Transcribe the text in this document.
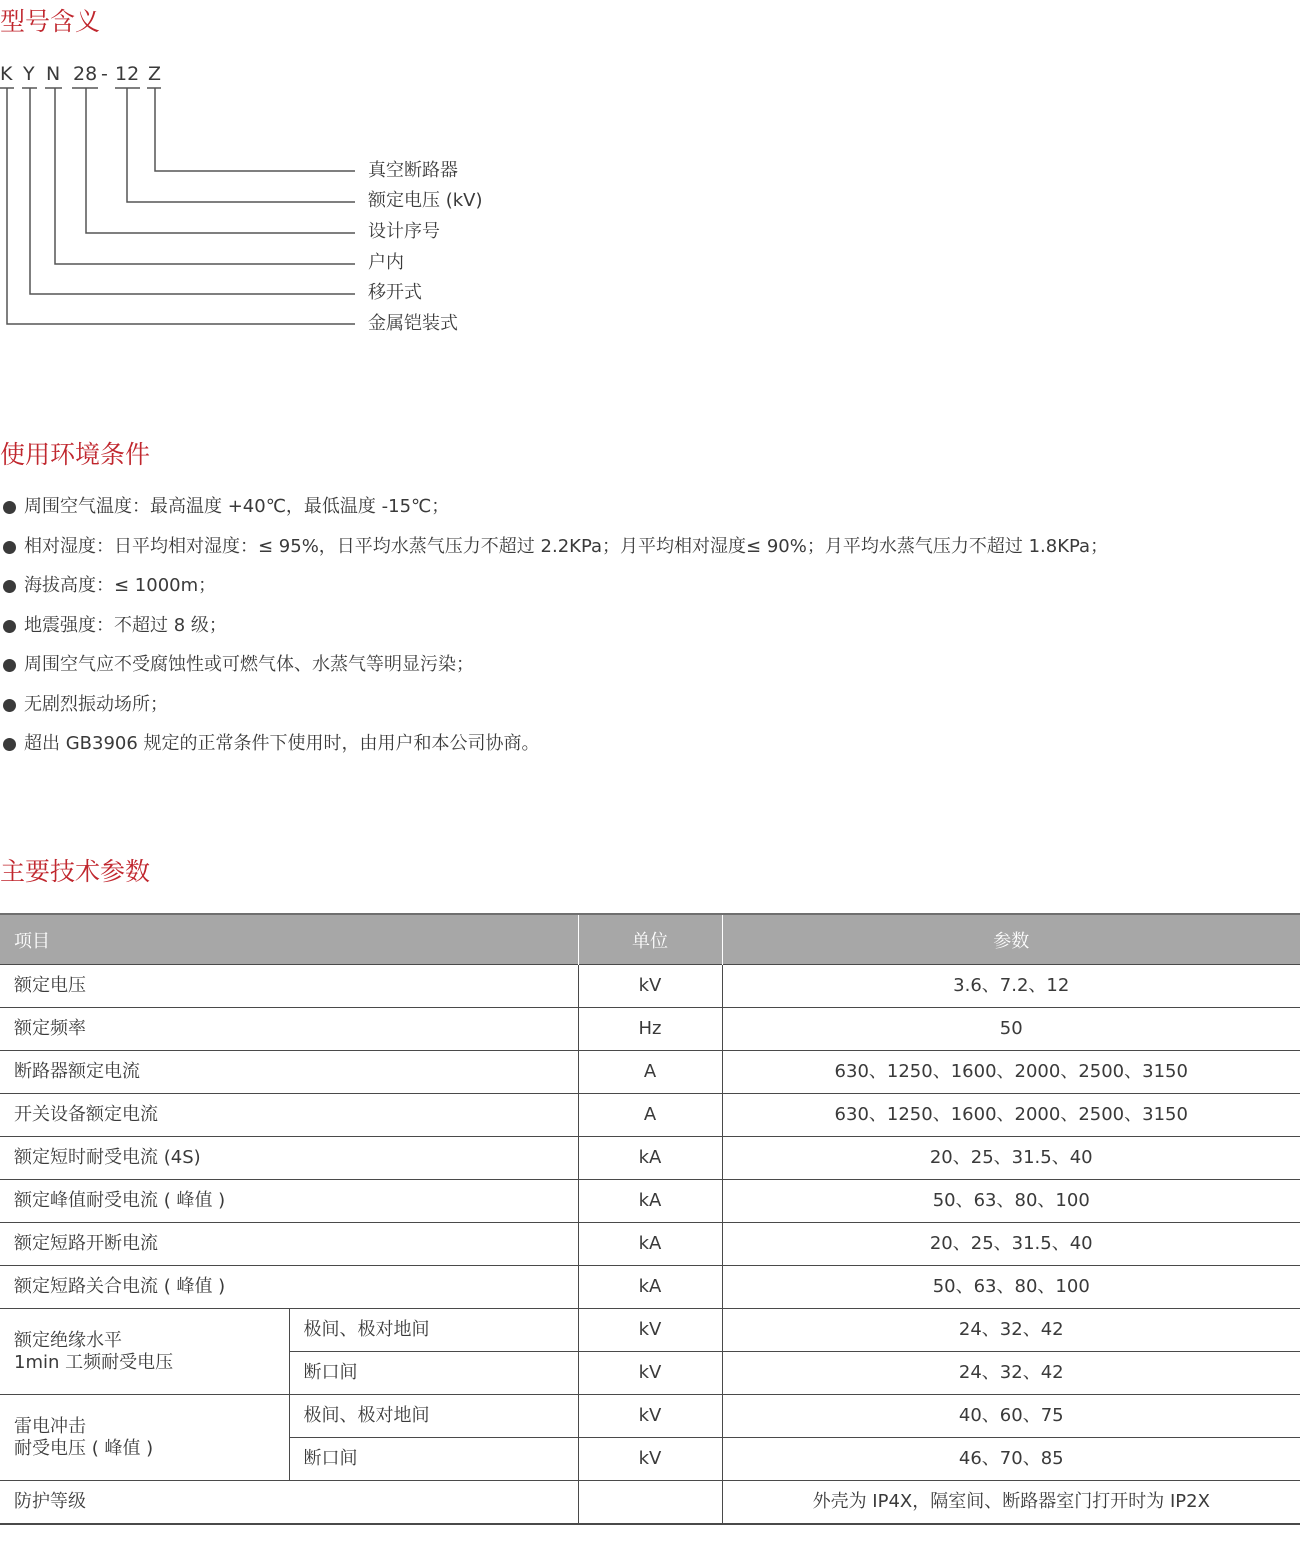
型号含义
K Y N 28 - 12 Z
真空断路器
额定电压 (kV)
设计序号
户内
移开式
金属铠装式
使用环境条件
周围空气温度：最高温度 +40℃，最低温度 -15℃；
相对湿度：日平均相对湿度：≤ 95%，日平均水蒸气压力不超过 2.2KPa；月平均相对湿度≤ 90%；月平均水蒸气压力不超过 1.8KPa；
海拔高度：≤ 1000m；
地震强度：不超过 8 级；
周围空气应不受腐蚀性或可燃气体、水蒸气等明显污染；
无剧烈振动场所；
超出 GB3906 规定的正常条件下使用时，由用户和本公司协商。
主要技术参数
项目		单位	参数
额定电压		kV	3.6、7.2、12
额定频率		Hz	50
断路器额定电流		A	630、1250、1600、2000、2500、3150
开关设备额定电流		A	630、1250、1600、2000、2500、3150
额定短时耐受电流 (4S)		kA	20、25、31.5、40
额定峰值耐受电流 ( 峰值 )		kA	50、63、80、100
额定短路开断电流		kA	20、25、31.5、40
额定短路关合电流 ( 峰值 )		kA	50、63、80、100

额定绝缘水平
1min 工频耐受电压	极间、极对地间	kV	24、32、42
	断口间	kV	24、32、42

雷电冲击
耐受电压 ( 峰值 )	极间、极对地间	kV	40、60、75
	断口间	kV	46、70、85
防护等级			外壳为 IP4X，隔室间、断路器室门打开时为 IP2X
